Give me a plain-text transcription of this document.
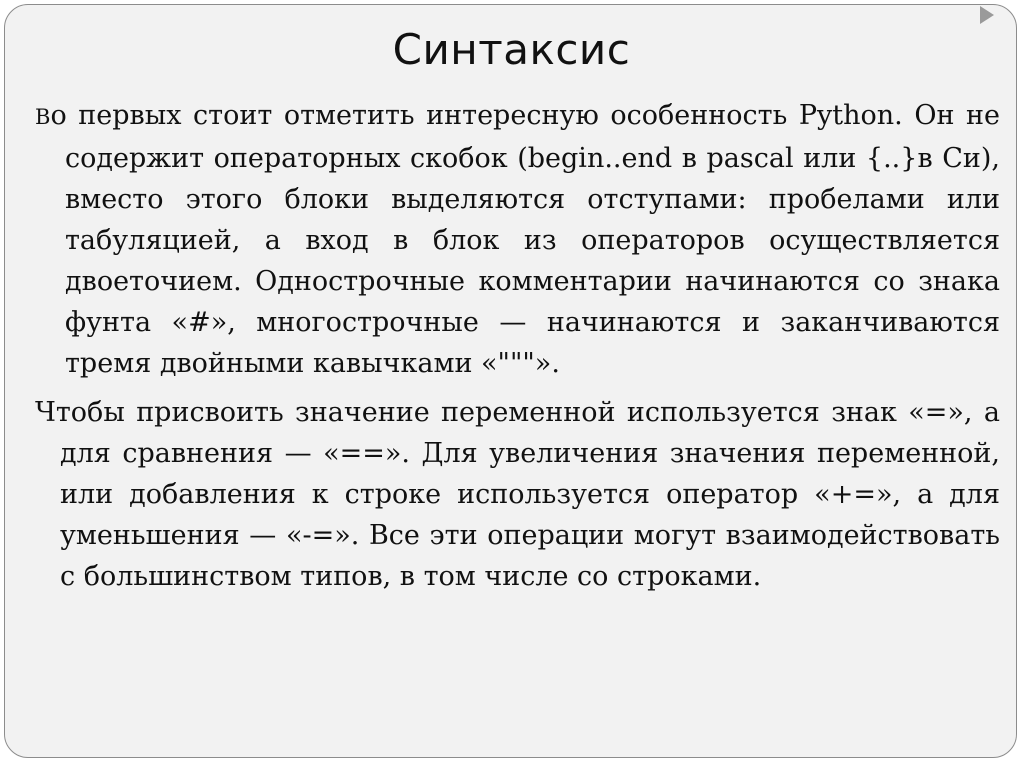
Синтаксис

Во первых стоит отметить интересную особенность Python. Он не содержит операторных скобок (begin..end в pascal или {..}в Си), вместо этого блоки выделяются отступами: пробелами или табуляцией, а вход в блок из операторов осуществляется двоеточием. Однострочные комментарии начинаются со знака фунта «#», многострочные — начинаются и заканчиваются тремя двойными кавычками «"""».

Чтобы присвоить значение переменной используется знак «=», а для сравнения — «==». Для увеличения значения переменной, или добавления к строке используется оператор «+=», а для уменьшения — «-=». Все эти операции могут взаимодействовать с большинством типов, в том числе со строками.
